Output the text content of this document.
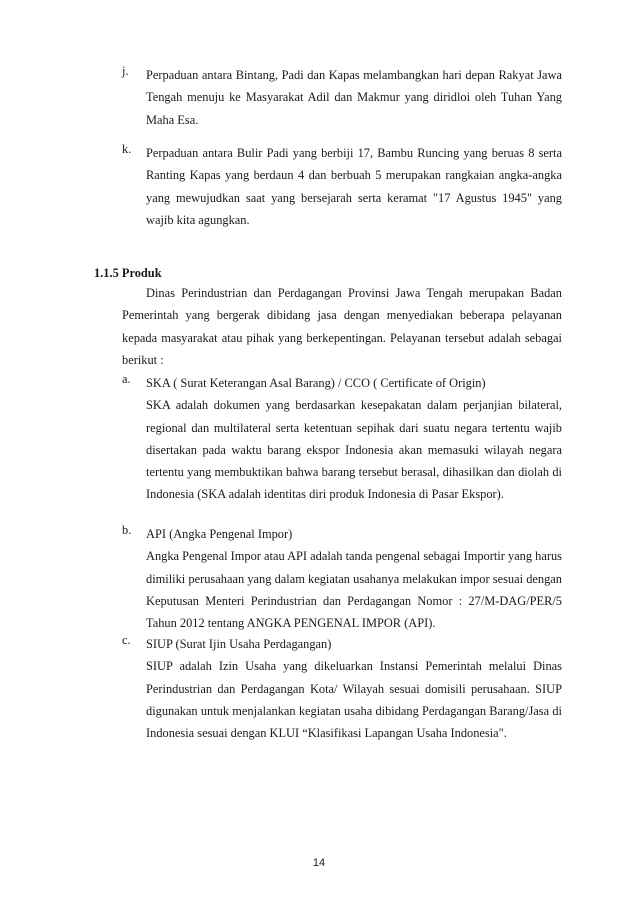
j. Perpaduan antara Bintang, Padi dan Kapas melambangkan hari depan Rakyat Jawa Tengah menuju ke Masyarakat Adil dan Makmur yang diridloi oleh Tuhan Yang Maha Esa.

k. Perpaduan antara Bulir Padi yang berbiji 17, Bambu Runcing yang beruas 8 serta Ranting Kapas yang berdaun 4 dan berbuah 5 merupakan rangkaian angka-angka yang mewujudkan saat yang bersejarah serta keramat "17 Agustus 1945" yang wajib kita agungkan.

1.1.5 Produk

Dinas Perindustrian dan Perdagangan Provinsi Jawa Tengah merupakan Badan Pemerintah yang bergerak dibidang jasa dengan menyediakan beberapa pelayanan kepada masyarakat atau pihak yang berkepentingan. Pelayanan tersebut adalah sebagai berikut :

a. SKA ( Surat Keterangan Asal Barang) / CCO ( Certificate of Origin)

SKA adalah dokumen yang berdasarkan kesepakatan dalam perjanjian bilateral, regional dan multilateral serta ketentuan sepihak dari suatu negara tertentu wajib disertakan pada waktu barang ekspor Indonesia akan memasuki wilayah negara tertentu yang membuktikan bahwa barang tersebut berasal, dihasilkan dan diolah di Indonesia (SKA adalah identitas diri produk Indonesia di Pasar Ekspor).

b. API (Angka Pengenal Impor)

Angka Pengenal Impor atau API adalah tanda pengenal sebagai Importir yang harus dimiliki perusahaan yang dalam kegiatan usahanya melakukan impor sesuai dengan Keputusan Menteri Perindustrian dan Perdagangan Nomor : 27/M-DAG/PER/5 Tahun 2012 tentang ANGKA PENGENAL IMPOR (API).

c. SIUP (Surat Ijin Usaha Perdagangan)

SIUP adalah Izin Usaha yang dikeluarkan Instansi Pemerintah melalui Dinas Perindustrian dan Perdagangan Kota/ Wilayah sesuai domisili perusahaan. SIUP digunakan untuk menjalankan kegiatan usaha dibidang Perdagangan Barang/Jasa di Indonesia sesuai dengan KLUI “Klasifikasi Lapangan Usaha Indonesia".

14
